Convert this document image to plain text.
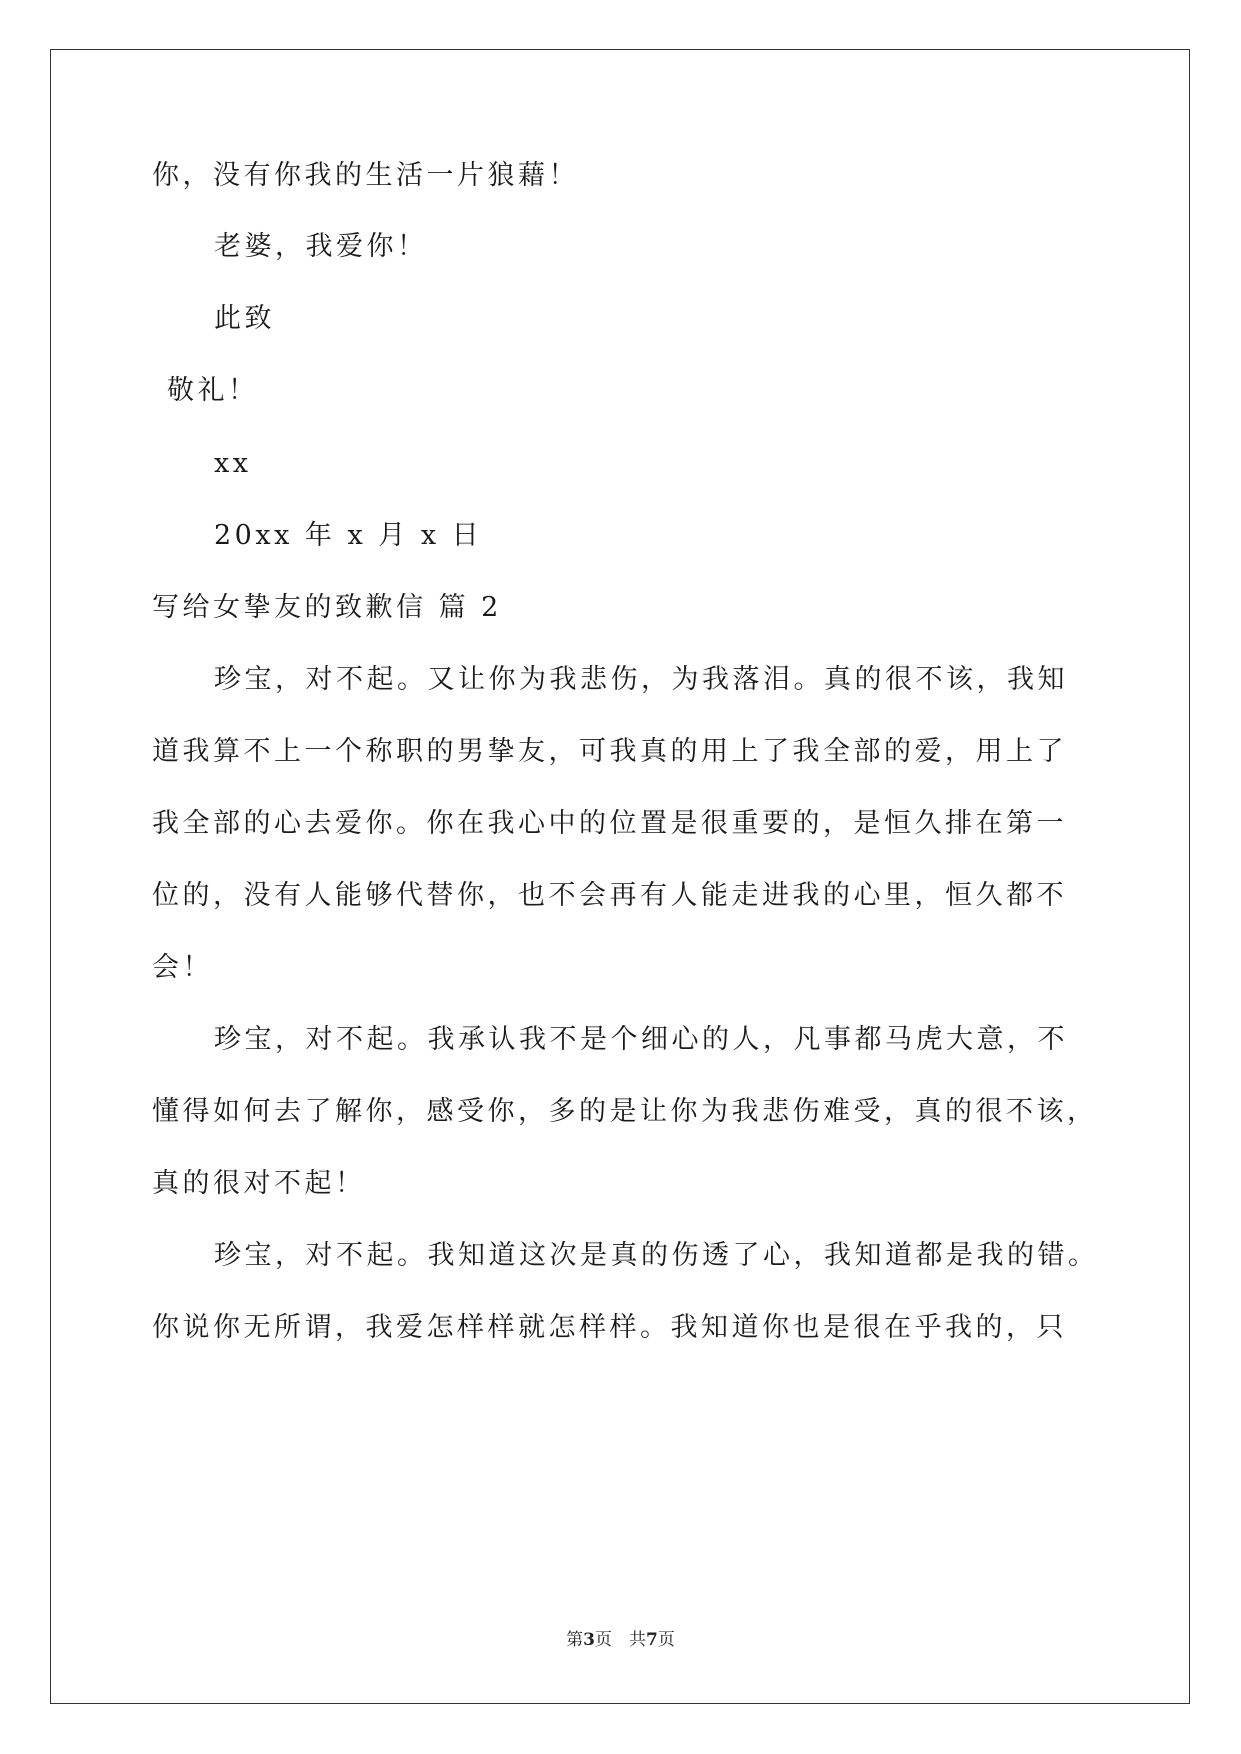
你，没有你我的生活一片狼藉！
老婆，我爱你！
此致
敬礼！
xx
20xx 年 x 月 x 日
写给女挚友的致歉信 篇 2
珍宝，对不起。又让你为我悲伤，为我落泪。真的很不该，我知
道我算不上一个称职的男挚友，可我真的用上了我全部的爱，用上了
我全部的心去爱你。你在我心中的位置是很重要的，是恒久排在第一
位的，没有人能够代替你，也不会再有人能走进我的心里，恒久都不
会！
珍宝，对不起。我承认我不是个细心的人，凡事都马虎大意，不
懂得如何去了解你，感受你，多的是让你为我悲伤难受，真的很不该，
真的很对不起！
珍宝，对不起。我知道这次是真的伤透了心，我知道都是我的错。
你说你无所谓，我爱怎样样就怎样样。我知道你也是很在乎我的，只
第3页　共7页
